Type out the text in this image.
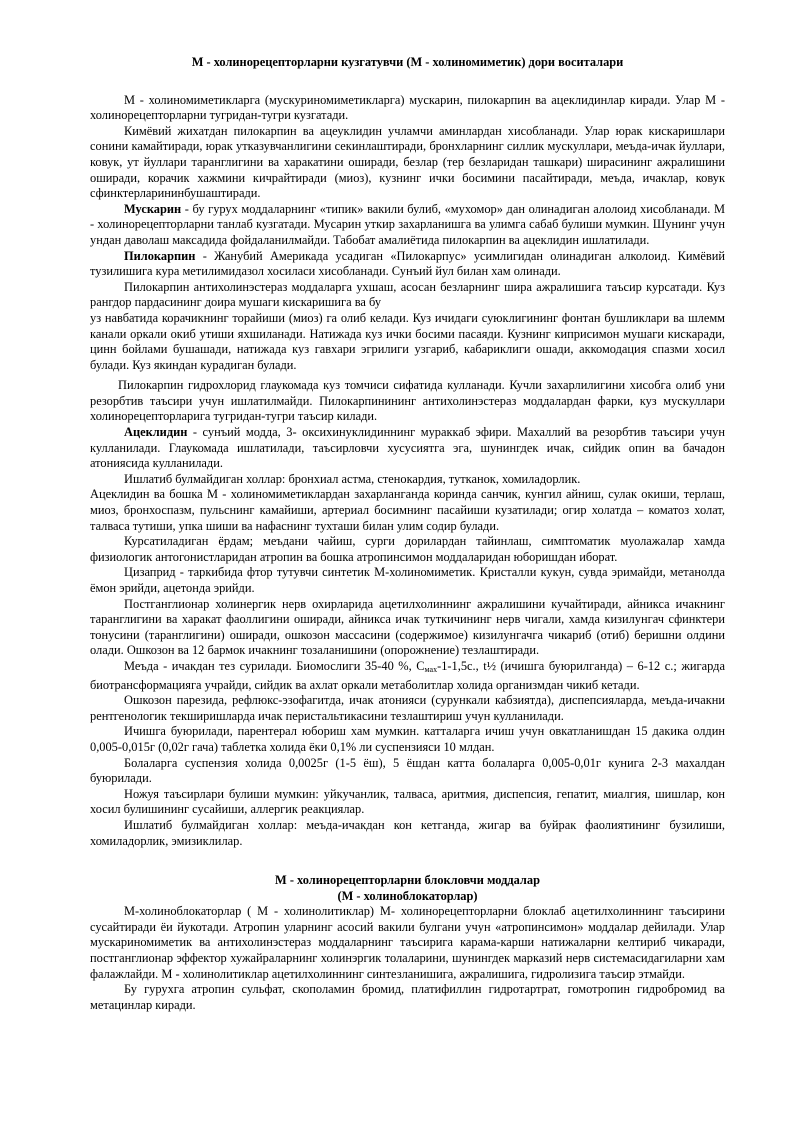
М - холинорецепторларни кузгатувчи (М - холиномиметик) дори воситалари

М - холиномиметикларга (мускуриномиметикларга) мускарин, пилокарпин ва ацеклидинлар киради. Улар М - холинорецепторларни тугридан-тугри кузгатади.

Кимёвий жихатдан пилокарпин ва ацеуклидин учламчи аминлардан хисобланади. Улар юрак кискаришлари сонини камайтиради, юрак утказувчанлигини секинлаштиради, бронхларнинг силлик мускуллари, меъда-ичак йуллари, ковук, ут йуллари таранглигини ва харакатини оширади, безлар (тер безларидан ташкари) ширасининг ажралишини оширади, корачик хажмини кичрайтиради (миоз), кузнинг ички босимини пасайтиради, меъда, ичаклар, ковук сфинктерларининбушаштиради.

Мускарин - бу гурух моддаларнинг «типик» вакили булиб, «мухомор» дан олинадиган алолоид хисобланади. М - холинорецепторларни танлаб кузгатади. Мусарин уткир захарланишга ва улимга сабаб булиши мумкин. Шунинг учун ундан даволаш максадида фойдаланилмайди. Табобат амалиётида пилокарпин ва ацеклидин ишлатилади.

Пилокарпин - Жанубий Америкада усадиган «Пилокарпус» усимлигидан олинадиган алколоид. Кимёвий тузилишига кура метилимидазол хосиласи хисобланади. Сунъий йул билан хам олинади.

Пилокарпин антихолинэстераз моддаларга ухшаш, асосан безларнинг шира ажралишига таъсир курсатади. Куз рангдор пардасининг доира мушаги кискаришига ва бу

уз навбатида корачикнинг торайиши (миоз) га олиб келади. Куз ичидаги суюклигининг фонтан бушликлари ва шлемм канали оркали окиб утиши яхшиланади. Натижада куз ички босими пасаяди. Кузнинг киприсимон мушаги кискаради, цинн бойлами бушашади, натижада куз гавхари эгрилиги узгариб, кабариклиги ошади, аккомодация спазми хосил булади. Куз якиндан курадиган булади.

Пилокарпин гидрохлорид глаукомада куз томчиси сифатида кулланади. Кучли захарлилигини хисобга олиб уни резорбтив таъсири учун ишлатилмайди. Пилокарпинининг антихолинэстераз моддалардан фарки, куз мускуллари холинорецепторларига тугридан-тугри таъсир килади.

Ацеклидин - сунъий модда, 3- оксихинуклидиннинг мураккаб эфири. Махаллий ва резорбтив таъсири учун кулланилади. Глаукомада ишлатилади, таъсирловчи хусусиятга эга, шунингдек ичак, сийдик опин ва бачадон атониясида кулланилади.

Ишлатиб булмайдиган холлар: бронхиал астма, стенокардия, тутканок, хомиладорлик.

Ацеклидин ва бошка М - холиномиметиклардан захарланганда коринда санчик, кунгил айниш, сулак окиши, терлаш, миоз, бронхоспазм, пульснинг камайиши, артериал босимнинг пасайиши кузатилади; огир холатда – коматоз холат, талваса тутиши, упка шиши ва нафаснинг тухташи билан улим содир булади.

Курсатиладиган ёрдам; меъдани чайиш, сурги дорилардан тайинлаш, симптоматик муолажалар хамда физиологик антогонистларидан атропин ва бошка атропинсимон моддаларидан юборишдан иборат.

Цизаприд - таркибида фтор тутувчи синтетик М-холиномиметик. Кристалли кукун, сувда эримайди, метанолда ёмон эрийди, ацетонда эрийди.

Постганглионар холинергик нерв охирларида ацетилхолиннинг ажралишини кучайтиради, айникса ичакнинг таранглигини ва харакат фаоллигини оширади, айникса ичак туткичининг нерв чигали, хамда кизилунгач сфинктери тонусини (таранглигини) оширади, ошкозон массасини (содержимое) кизилунгачга чикариб (отиб) беришни олдини олади. Ошкозон ва 12 бармок ичакнинг тозаланишини (опорожнение) тезлаштиради.

Меъда - ичакдан тез сурилади. Биомослиги 35-40 %, $С_{мах}-1-1,5с$., t½ (ичишга буюрилганда) – 6-12 с.; жигарда биотрансформацияга учрайди, сийдик ва ахлат оркали метаболитлар холида организмдан чикиб кетади.

Ошкозон парезида, рефлюкс-эзофагитда, ичак атонияси (сурункали кабзиятда), диспепсияларда, меъда-ичакни рентгенологик текширишларда ичак перистальтикасини тезлаштириш учун кулланилади.

Ичишга буюрилади, парентерал юбориш хам мумкин. катталарга ичиш учун овкатланишдан 15 дакика олдин 0,005-0,015г (0,02г гача) таблетка холида ёки 0,1% ли суспензияси 10 млдан.

Болаларга суспензия холида 0,0025г (1-5 ёш), 5 ёшдан катта болаларга 0,005-0,01г кунига 2-3 махалдан буюрилади.

Ножуя таъсирлари булиши мумкин: уйкучанлик, талваса, аритмия, диспепсия, гепатит, миалгия, шишлар, кон хосил булишининг сусайиши, аллергик реакциялар.

Ишлатиб булмайдиган холлар: меъда-ичакдан кон кетганда, жигар ва буйрак фаолиятининг бузилиши, хомиладорлик, эмизиклилар.

М - холинорецепторларни блокловчи моддалар

(М - холиноблокаторлар)

М-холиноблокаторлар ( М - холинолитиклар) М- холинорецепторларни блоклаб ацетилхолиннинг таъсирини сусайтиради ёи йукотади. Атропин уларнинг асосий вакили булгани учун «атропинсимон» моддалар дейилади. Улар мускариномиметик ва антихолинэстераз моддаларнинг таъсирига карама-карши натижаларни келтириб чикаради, постганглионар эффектор хужайраларнинг холинэргик толаларини, шунингдек марказий нерв системасидагиларни хам фалажлайди. М - холинолитиклар ацетилхолиннинг синтезланишига, ажралишига, гидролизига таъсир этмайди.

Бу гурухга атропин сульфат, скополамин бромид, платифиллин гидротартрат, гомотропин гидробромид ва метацинлар киради.
